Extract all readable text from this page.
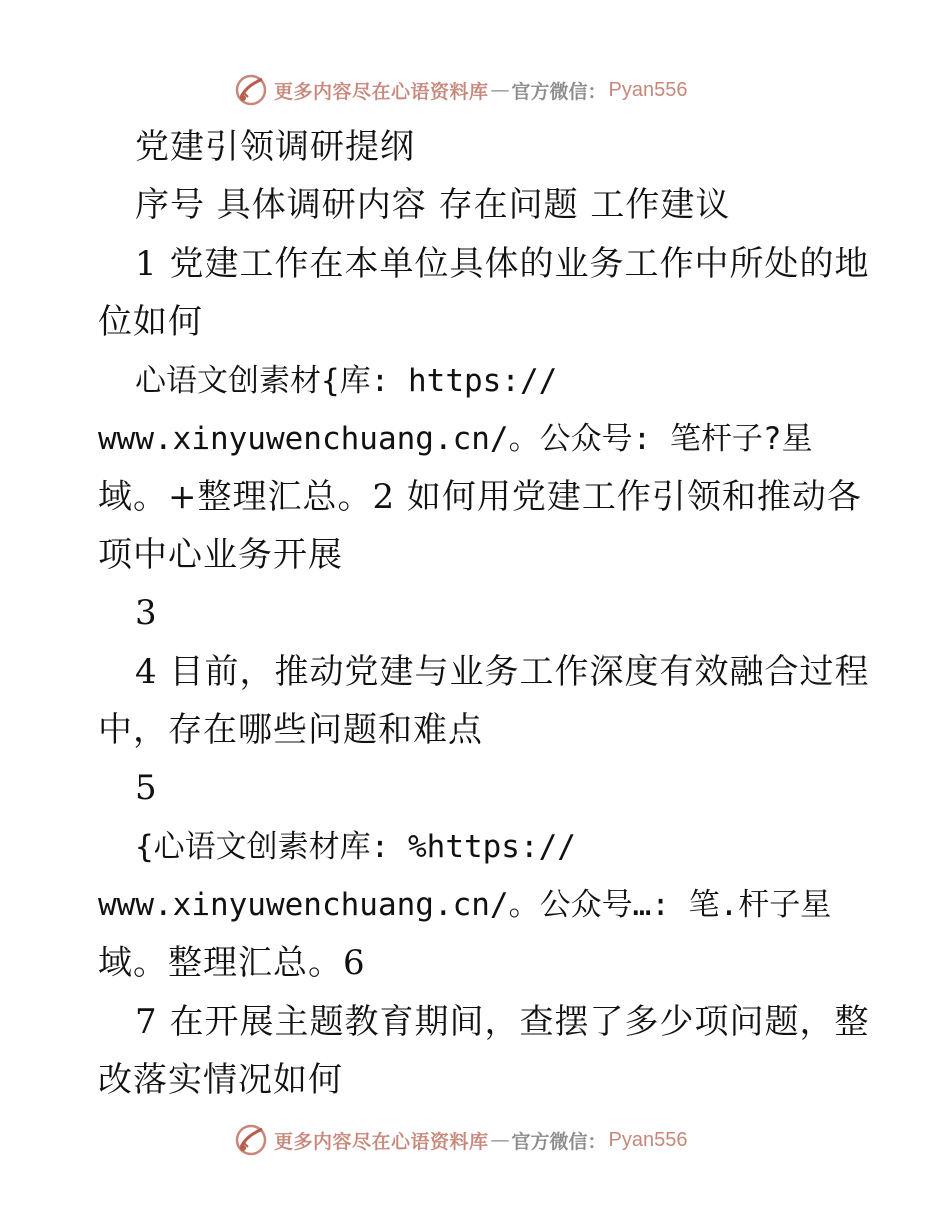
更多内容尽在心语资料库 — 官方微信： Pyan556
党建引领调研提纲
序号 具体调研内容 存在问题 工作建议
1 党建工作在本单位具体的业务工作中所处的地
位如何
心语文创素材{库: https://
www.xinyuwenchuang.cn/。公众号: 笔杆子?星
域。+整理汇总。2 如何用党建工作引领和推动各
项中心业务开展
3
4 目前，推动党建与业务工作深度有效融合过程
中，存在哪些问题和难点
5
{心语文创素材库: %https://
www.xinyuwenchuang.cn/。公众号…: 笔.杆子星
域。整理汇总。6
7 在开展主题教育期间，查摆了多少项问题，整
改落实情况如何
更多内容尽在心语资料库 — 官方微信： Pyan556
